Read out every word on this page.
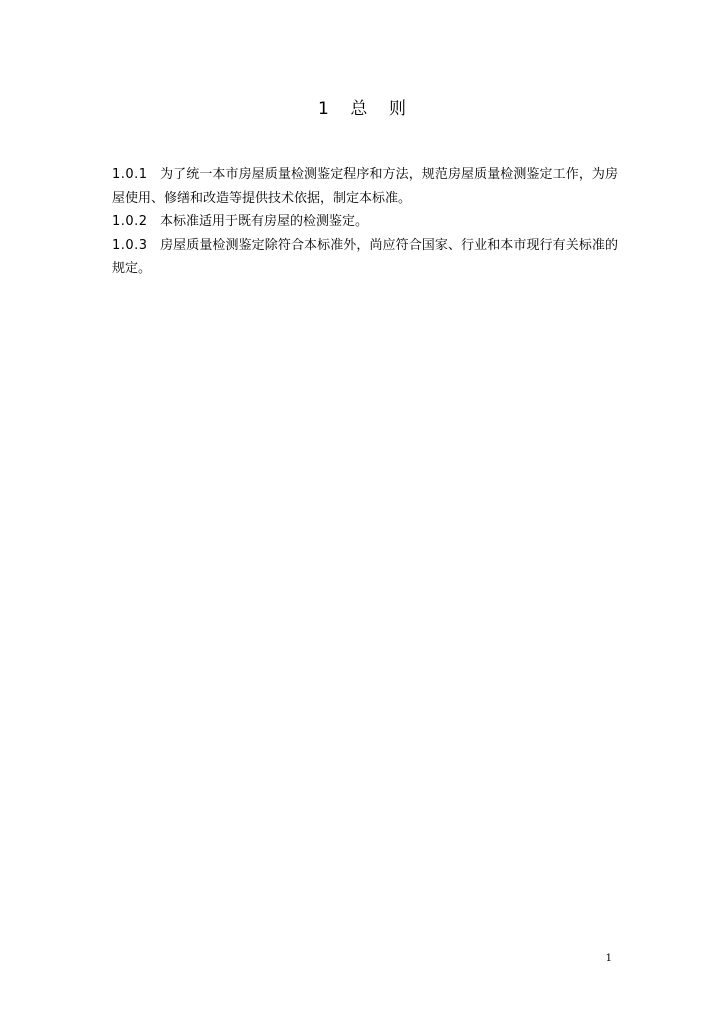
1    总    则

1.0.1 为了统一本市房屋质量检测鉴定程序和方法，规范房屋质量检测鉴定工作，为房屋使用、修缮和改造等提供技术依据，制定本标准。

1.0.2 本标准适用于既有房屋的检测鉴定。

1.0.3 房屋质量检测鉴定除符合本标准外，尚应符合国家、行业和本市现行有关标准的规定。

1
